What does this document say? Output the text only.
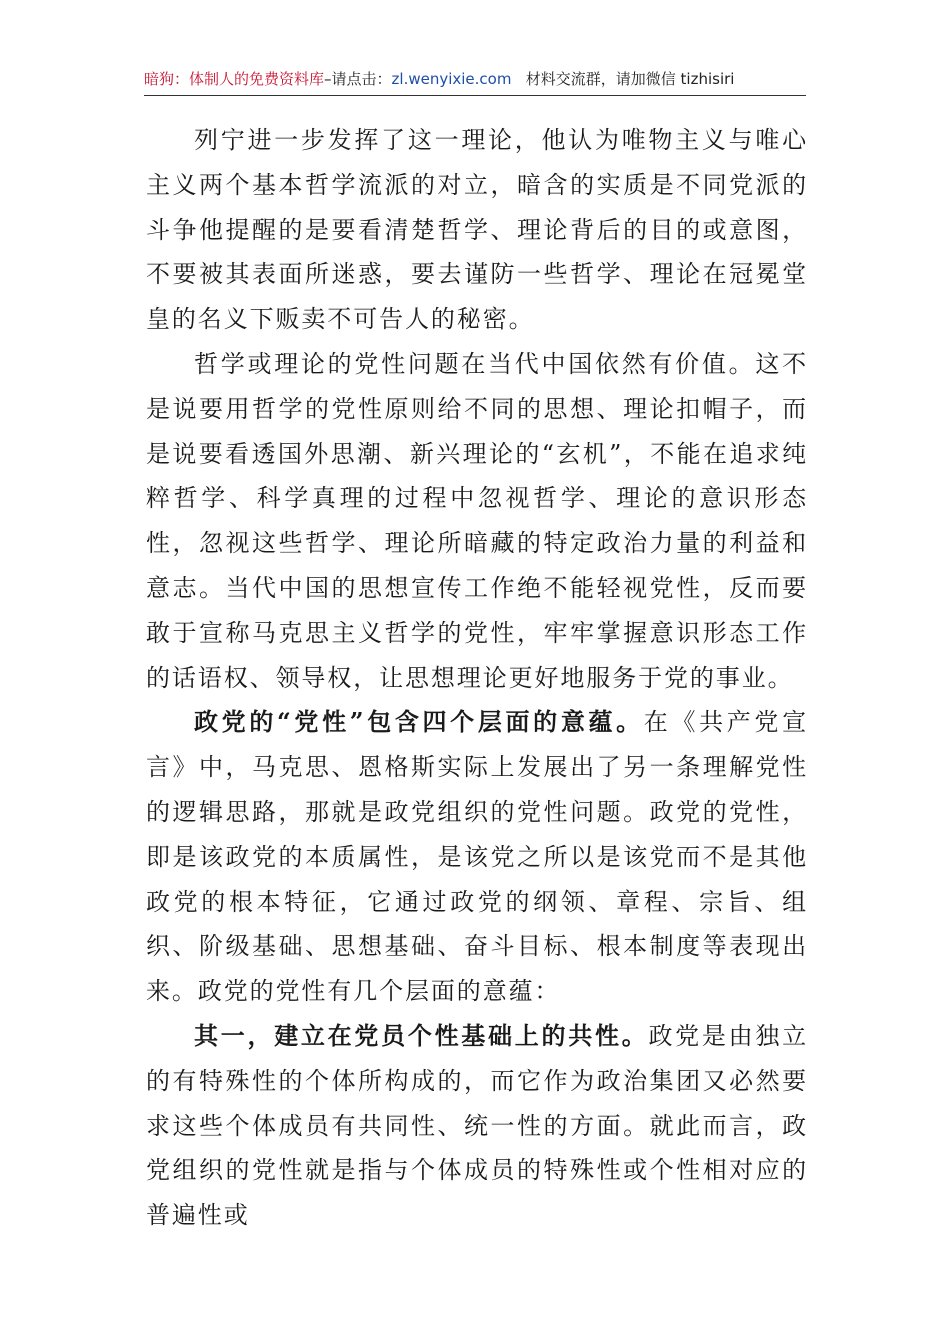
暗狗：体制人的免费资料库–请点击：zl.wenyixie.com 材料交流群，请加微信 tizhisiri

列宁进一步发挥了这一理论，他认为唯物主义与唯心主义两个基本哲学流派的对立，暗含的实质是不同党派的斗争他提醒的是要看清楚哲学、理论背后的目的或意图，不要被其表面所迷惑，要去谨防一些哲学、理论在冠冕堂皇的名义下贩卖不可告人的秘密。

哲学或理论的党性问题在当代中国依然有价值。这不是说要用哲学的党性原则给不同的思想、理论扣帽子，而是说要看透国外思潮、新兴理论的“玄机”，不能在追求纯粹哲学、科学真理的过程中忽视哲学、理论的意识形态性，忽视这些哲学、理论所暗藏的特定政治力量的利益和意志。当代中国的思想宣传工作绝不能轻视党性，反而要敢于宣称马克思主义哲学的党性，牢牢掌握意识形态工作的话语权、领导权，让思想理论更好地服务于党的事业。

政党的“党性”包含四个层面的意蕴。在《共产党宣言》中，马克思、恩格斯实际上发展出了另一条理解党性的逻辑思路，那就是政党组织的党性问题。政党的党性，即是该政党的本质属性，是该党之所以是该党而不是其他政党的根本特征，它通过政党的纲领、章程、宗旨、组织、阶级基础、思想基础、奋斗目标、根本制度等表现出来。政党的党性有几个层面的意蕴：

其一，建立在党员个性基础上的共性。政党是由独立的有特殊性的个体所构成的，而它作为政治集团又必然要求这些个体成员有共同性、统一性的方面。就此而言，政党组织的党性就是指与个体成员的特殊性或个性相对应的普遍性或
